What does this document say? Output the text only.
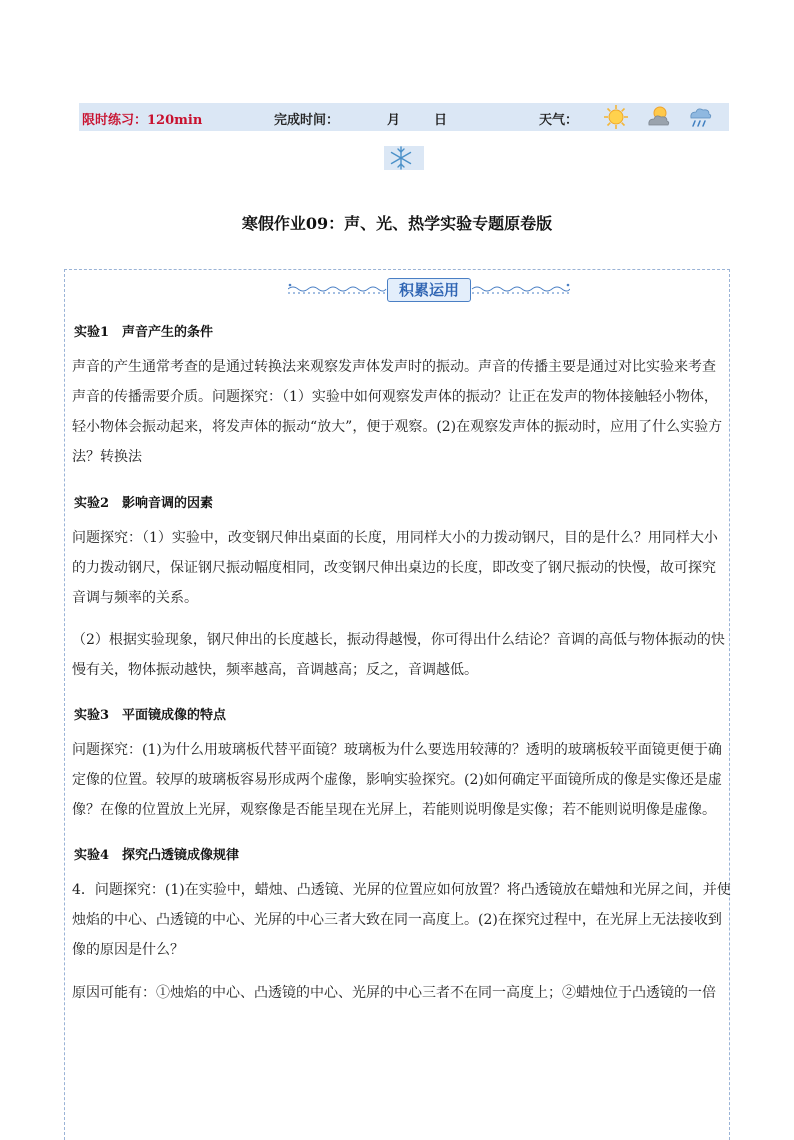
限时练习：120min	完成时间：	月	日	天气：
寒假作业09：声、光、热学实验专题原卷版
积累运用
实验1　声音产生的条件
声音的产生通常考查的是通过转换法来观察发声体发声时的振动。声音的传播主要是通过对比实验来考查
声音的传播需要介质。问题探究：（1）实验中如何观察发声体的振动？让正在发声的物体接触轻小物体，
轻小物体会振动起来，将发声体的振动“放大”，便于观察。(2)在观察发声体的振动时，应用了什么实验方
法？转换法
实验2　影响音调的因素
问题探究：（1）实验中，改变钢尺伸出桌面的长度，用同样大小的力拨动钢尺，目的是什么？用同样大小
的力拨动钢尺，保证钢尺振动幅度相同，改变钢尺伸出桌边的长度，即改变了钢尺振动的快慢，故可探究
音调与频率的关系。
（2）根据实验现象，钢尺伸出的长度越长，振动得越慢，你可得出什么结论？音调的高低与物体振动的快
慢有关，物体振动越快，频率越高，音调越高；反之，音调越低。
实验3　平面镜成像的特点
问题探究：(1)为什么用玻璃板代替平面镜？玻璃板为什么要选用较薄的？透明的玻璃板较平面镜更便于确
定像的位置。较厚的玻璃板容易形成两个虚像，影响实验探究。(2)如何确定平面镜所成的像是实像还是虚
像？在像的位置放上光屏，观察像是否能呈现在光屏上，若能则说明像是实像；若不能则说明像是虚像。
实验4　探究凸透镜成像规律
4．问题探究：(1)在实验中，蜡烛、凸透镜、光屏的位置应如何放置？将凸透镜放在蜡烛和光屏之间，并使
烛焰的中心、凸透镜的中心、光屏的中心三者大致在同一高度上。(2)在探究过程中，在光屏上无法接收到
像的原因是什么？
原因可能有：①烛焰的中心、凸透镜的中心、光屏的中心三者不在同一高度上；②蜡烛位于凸透镜的一倍
